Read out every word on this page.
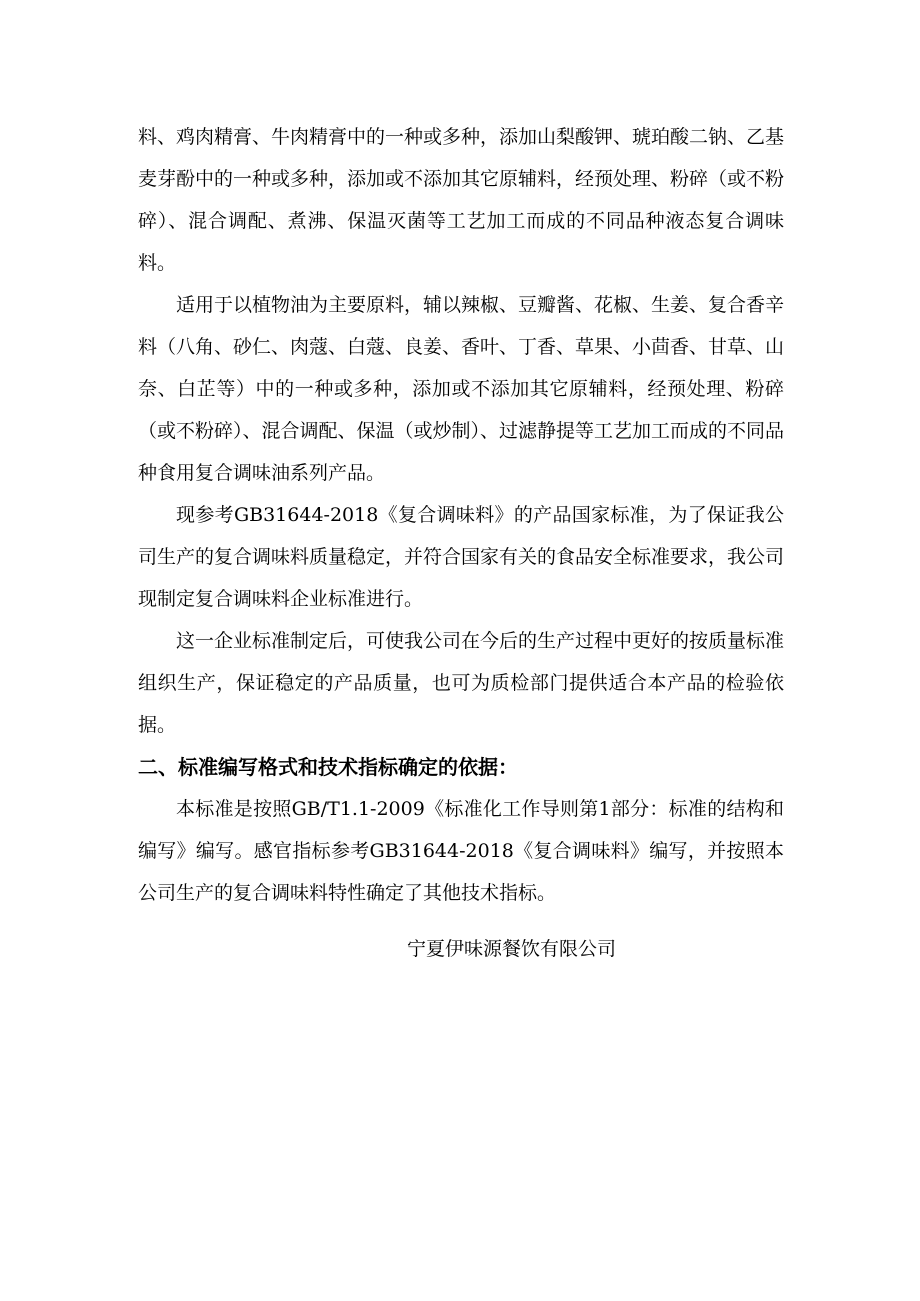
料、鸡肉精膏、牛肉精膏中的一种或多种，添加山梨酸钾、琥珀酸二钠、乙基麦芽酚中的一种或多种，添加或不添加其它原辅料，经预处理、粉碎（或不粉碎）、混合调配、煮沸、保温灭菌等工艺加工而成的不同品种液态复合调味料。

适用于以植物油为主要原料，辅以辣椒、豆瓣酱、花椒、生姜、复合香辛料（八角、砂仁、肉蔻、白蔻、良姜、香叶、丁香、草果、小茴香、甘草、山奈、白芷等）中的一种或多种，添加或不添加其它原辅料，经预处理、粉碎（或不粉碎）、混合调配、保温（或炒制）、过滤静提等工艺加工而成的不同品种食用复合调味油系列产品。

现参考GB31644-2018《复合调味料》的产品国家标准，为了保证我公司生产的复合调味料质量稳定，并符合国家有关的食品安全标准要求，我公司现制定复合调味料企业标准进行。

这一企业标准制定后，可使我公司在今后的生产过程中更好的按质量标准组织生产，保证稳定的产品质量，也可为质检部门提供适合本产品的检验依据。

二、标准编写格式和技术指标确定的依据：

本标准是按照GB/T1.1-2009《标准化工作导则第1部分：标准的结构和编写》编写。感官指标参考GB31644-2018《复合调味料》编写，并按照本公司生产的复合调味料特性确定了其他技术指标。

宁夏伊味源餐饮有限公司
